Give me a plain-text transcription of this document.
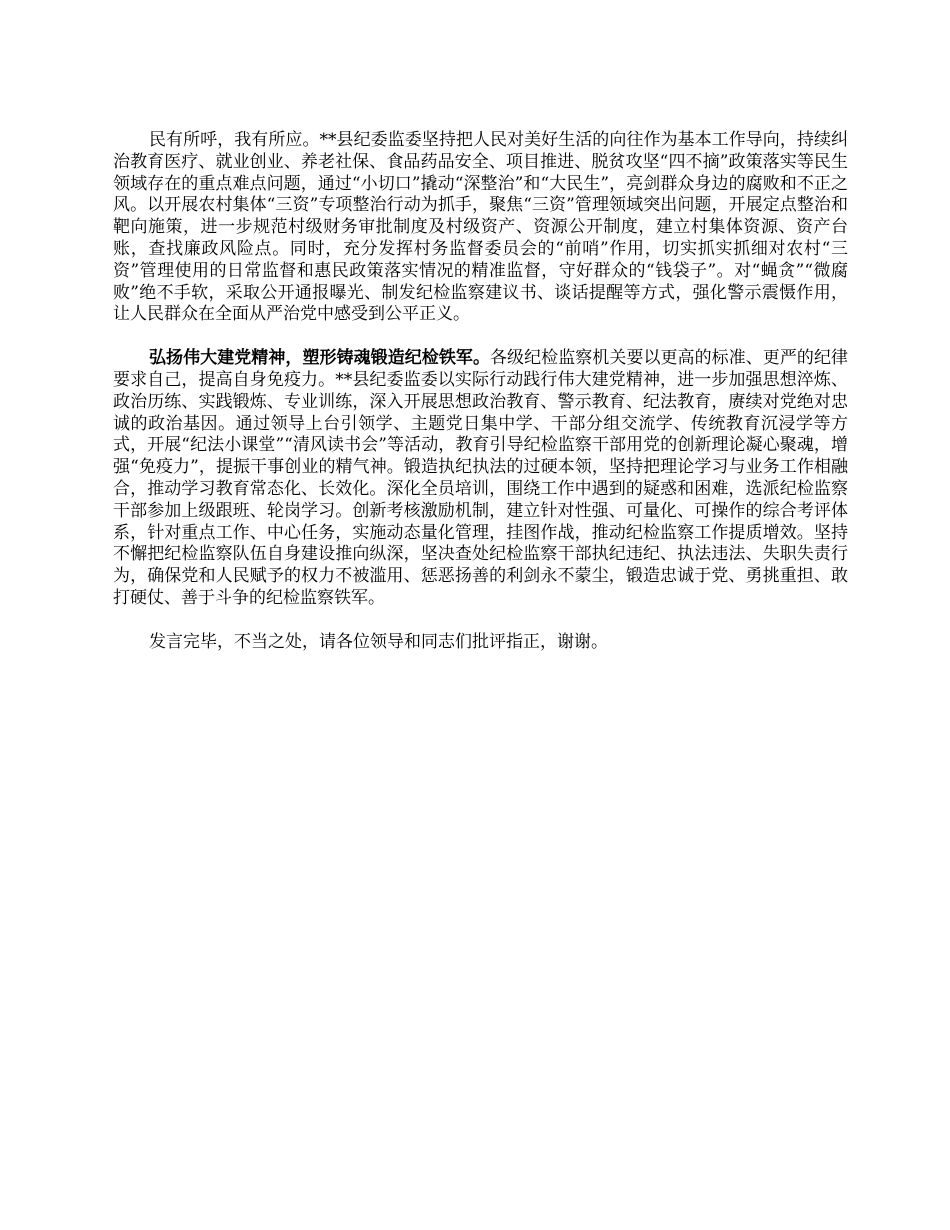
民有所呼，我有所应。**县纪委监委坚持把人民对美好生活的向往作为基本工作导向，持续纠治教育医疗、就业创业、养老社保、食品药品安全、项目推进、脱贫攻坚“四不摘”政策落实等民生领域存在的重点难点问题，通过“小切口”撬动“深整治”和“大民生”，亮剑群众身边的腐败和不正之风。以开展农村集体“三资”专项整治行动为抓手，聚焦“三资”管理领域突出问题，开展定点整治和靶向施策，进一步规范村级财务审批制度及村级资产、资源公开制度，建立村集体资源、资产台账，查找廉政风险点。同时，充分发挥村务监督委员会的“前哨”作用，切实抓实抓细对农村“三资”管理使用的日常监督和惠民政策落实情况的精准监督，守好群众的“钱袋子”。对“蝇贪”“微腐败”绝不手软，采取公开通报曝光、制发纪检监察建议书、谈话提醒等方式，强化警示震慑作用，让人民群众在全面从严治党中感受到公平正义。

弘扬伟大建党精神，塑形铸魂锻造纪检铁军。各级纪检监察机关要以更高的标准、更严的纪律要求自己，提高自身免疫力。**县纪委监委以实际行动践行伟大建党精神，进一步加强思想淬炼、政治历练、实践锻炼、专业训练，深入开展思想政治教育、警示教育、纪法教育，赓续对党绝对忠诚的政治基因。通过领导上台引领学、主题党日集中学、干部分组交流学、传统教育沉浸学等方式，开展“纪法小课堂”“清风读书会”等活动，教育引导纪检监察干部用党的创新理论凝心聚魂，增强“免疫力”，提振干事创业的精气神。锻造执纪执法的过硬本领，坚持把理论学习与业务工作相融合，推动学习教育常态化、长效化。深化全员培训，围绕工作中遇到的疑惑和困难，选派纪检监察干部参加上级跟班、轮岗学习。创新考核激励机制，建立针对性强、可量化、可操作的综合考评体系，针对重点工作、中心任务，实施动态量化管理，挂图作战，推动纪检监察工作提质增效。坚持不懈把纪检监察队伍自身建设推向纵深，坚决查处纪检监察干部执纪违纪、执法违法、失职失责行为，确保党和人民赋予的权力不被滥用、惩恶扬善的利剑永不蒙尘，锻造忠诚于党、勇挑重担、敢打硬仗、善于斗争的纪检监察铁军。

发言完毕，不当之处，请各位领导和同志们批评指正，谢谢。
